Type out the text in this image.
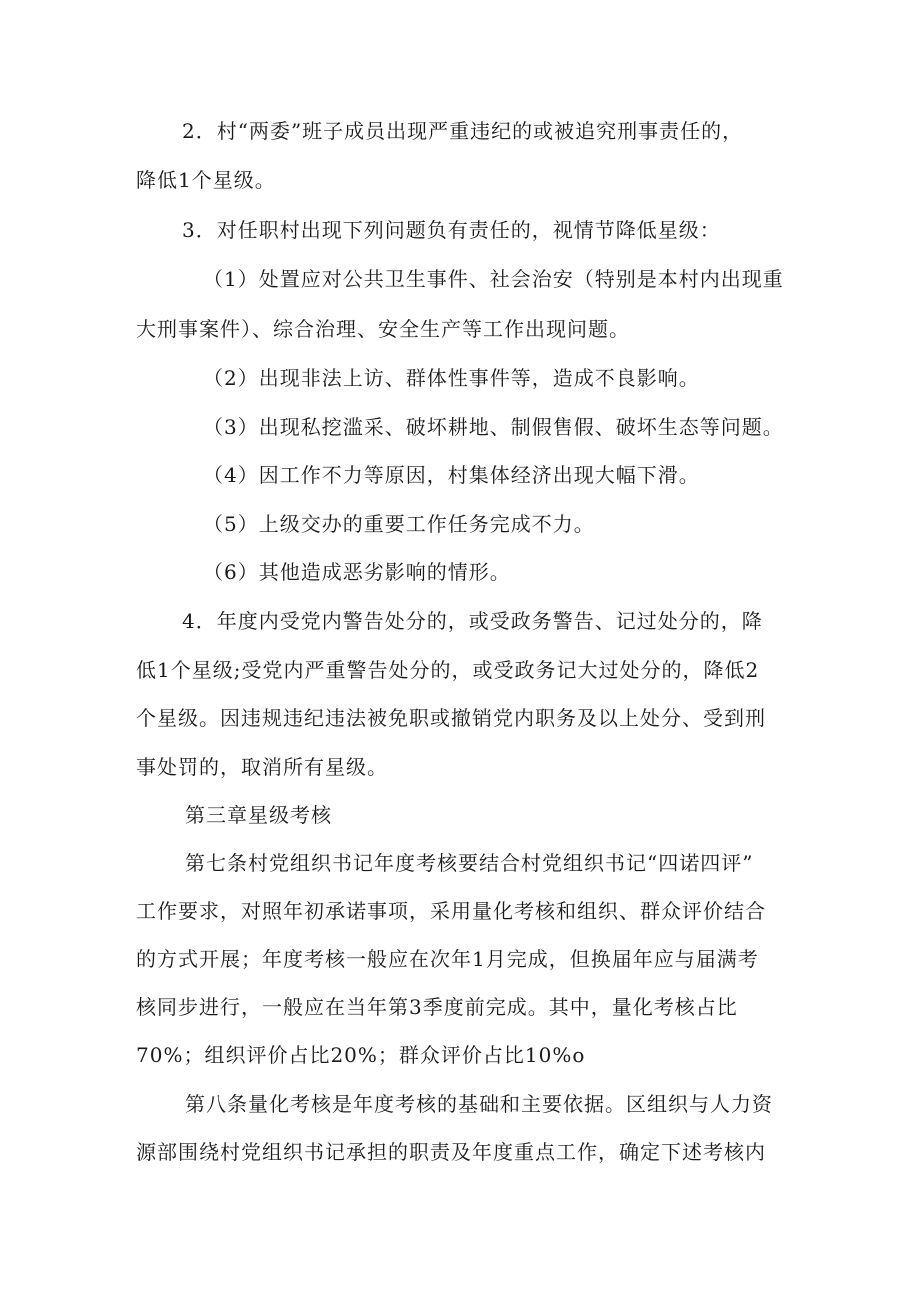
2．村“两委”班子成员出现严重违纪的或被追究刑事责任的，
降低1个星级。
3．对任职村出现下列问题负有责任的，视情节降低星级：
（1）处置应对公共卫生事件、社会治安（特别是本村内出现重
大刑事案件）、综合治理、安全生产等工作出现问题。
（2）出现非法上访、群体性事件等，造成不良影响。
（3）出现私挖滥采、破坏耕地、制假售假、破坏生态等问题。
（4）因工作不力等原因，村集体经济出现大幅下滑。
（5）上级交办的重要工作任务完成不力。
（6）其他造成恶劣影响的情形。
4．年度内受党内警告处分的，或受政务警告、记过处分的，降
低1个星级;受党内严重警告处分的，或受政务记大过处分的，降低2
个星级。因违规违纪违法被免职或撤销党内职务及以上处分、受到刑
事处罚的，取消所有星级。
第三章星级考核
第七条村党组织书记年度考核要结合村党组织书记“四诺四评”
工作要求，对照年初承诺事项，采用量化考核和组织、群众评价结合
的方式开展；年度考核一般应在次年1月完成，但换届年应与届满考
核同步进行，一般应在当年第3季度前完成。其中，量化考核占比
70%；组织评价占比20%；群众评价占比10%o
第八条量化考核是年度考核的基础和主要依据。区组织与人力资
源部围绕村党组织书记承担的职责及年度重点工作，确定下述考核内
